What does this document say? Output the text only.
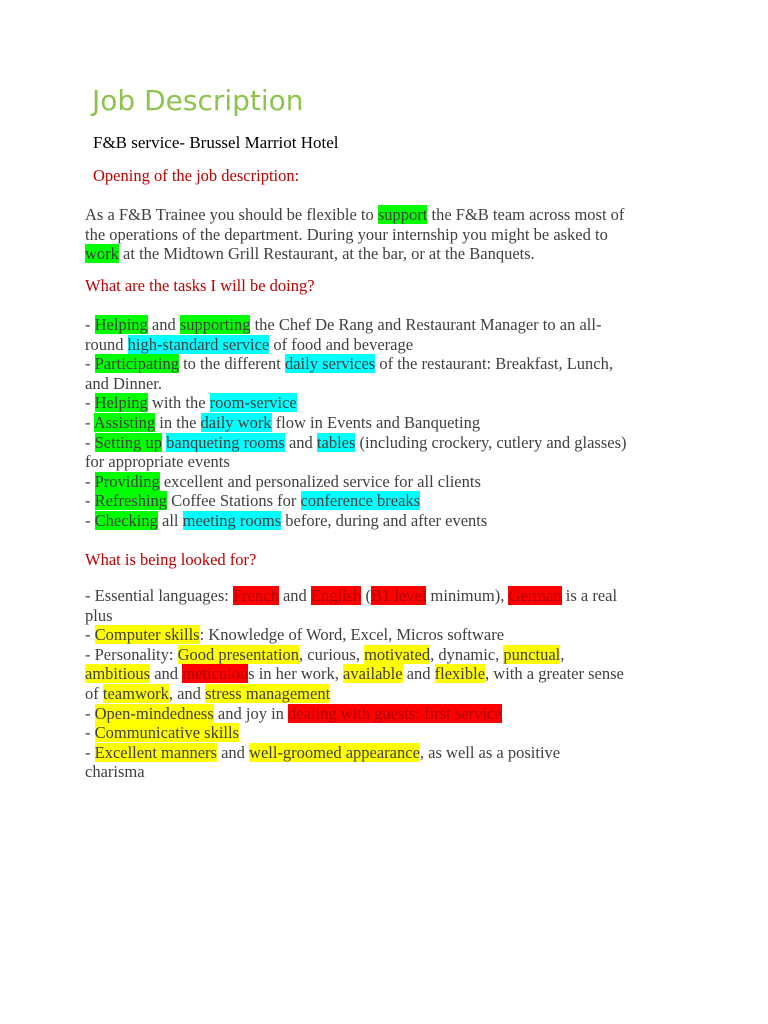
Job Description
F&B service- Brussel Marriot Hotel
Opening of the job description:
As a F&B Trainee you should be flexible to support the F&B team across most of
the operations of the department. During your internship you might be asked to
work at the Midtown Grill Restaurant, at the bar, or at the Banquets.
What are the tasks I will be doing?
- Helping and supporting the Chef De Rang and Restaurant Manager to an all-
round high-standard service of food and beverage
- Participating to the different daily services of the restaurant: Breakfast, Lunch,
and Dinner.
- Helping with the room-service
- Assisting in the daily work flow in Events and Banqueting
- Setting up banqueting rooms and tables (including crockery, cutlery and glasses)
for appropriate events
- Providing excellent and personalized service for all clients
- Refreshing Coffee Stations for conference breaks
- Checking all meeting rooms before, during and after events
What is being looked for?
- Essential languages: French and English (B1 level minimum), German is a real
plus
- Computer skills: Knowledge of Word, Excel, Micros software
- Personality: Good presentation, curious, motivated, dynamic, punctual,
ambitious and meticulous in her work, available and flexible, with a greater sense
of teamwork, and stress management
- Open-mindedness and joy in dealing with guests: first service
- Communicative skills
- Excellent manners and well-groomed appearance, as well as a positive
charisma
